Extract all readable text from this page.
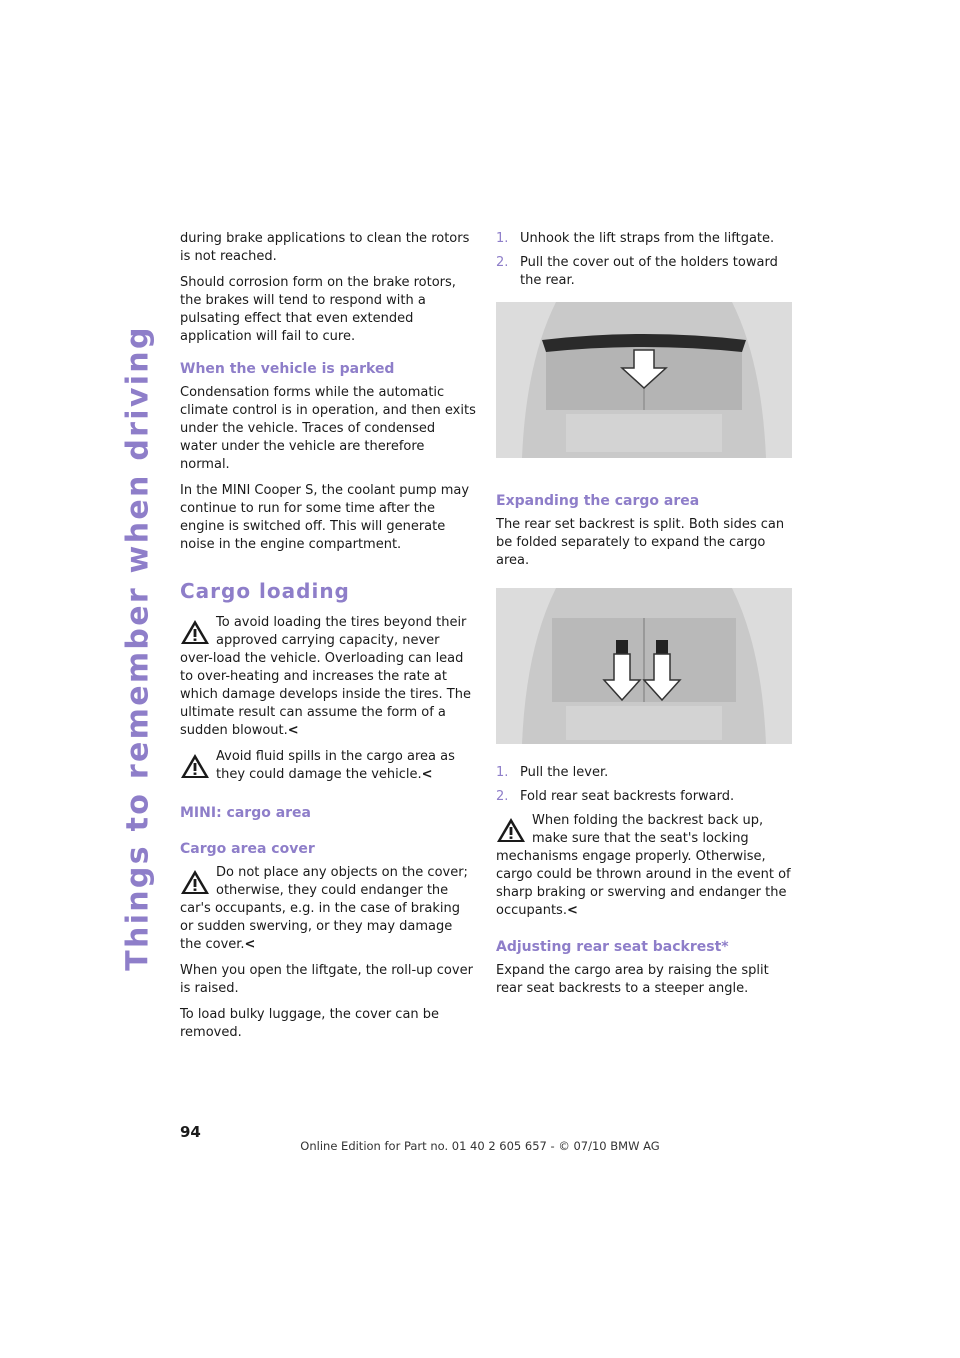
Things to remember when driving

during brake applications to clean the rotors is not reached.

Should corrosion form on the brake rotors, the brakes will tend to respond with a pulsating effect that even extended application will fail to cure.

When the vehicle is parked

Condensation forms while the automatic climate control is in operation, and then exits under the vehicle. Traces of condensed water under the vehicle are therefore normal.

In the MINI Cooper S, the coolant pump may continue to run for some time after the engine is switched off. This will generate noise in the engine compartment.

Cargo loading
To avoid loading the tires beyond their approved carrying capacity, never over-load the vehicle. Overloading can lead to over-heating and increases the rate at which damage develops inside the tires. The ultimate result can assume the form of a sudden blowout.<
Avoid fluid spills in the cargo area as they could damage the vehicle.<
MINI: cargo area
Cargo area cover
Do not place any objects on the cover; otherwise, they could endanger the car's occupants, e.g. in the case of braking or sudden swerving, or they may damage the cover.<

When you open the liftgate, the roll-up cover is raised.

To load bulky luggage, the cover can be removed.

1. Unhook the lift straps from the liftgate.
2. Pull the cover out of the holders toward the rear.
Expanding the cargo area

The rear set backrest is split. Both sides can be folded separately to expand the cargo area.

1. Pull the lever.
2. Fold rear seat backrests forward.
When folding the backrest back up, make sure that the seat's locking mechanisms engage properly. Otherwise, cargo could be thrown around in the event of sharp braking or swerving and endanger the occupants.<
Adjusting rear seat backrest*

Expand the cargo area by raising the split rear seat backrests to a steeper angle.

94
Online Edition for Part no. 01 40 2 605 657 - © 07/10 BMW AG
